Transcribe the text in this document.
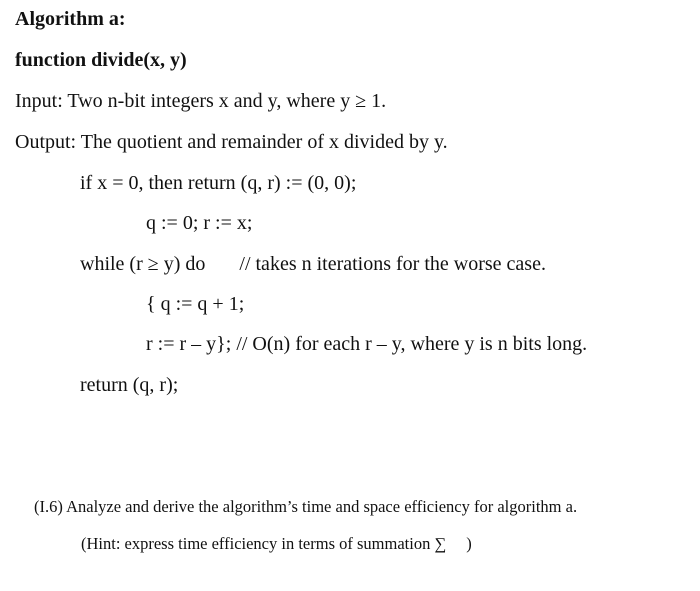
Algorithm a:
function divide(x, y)
Input: Two n-bit integers x and y, where y ≥ 1.
Output: The quotient and remainder of x divided by y.
if x = 0, then return (q, r) := (0, 0);
q := 0; r := x;
while (r ≥ y) do // takes n iterations for the worse case.
{ q := q + 1;
r := r – y}; // O(n) for each r – y, where y is n bits long.
return (q, r);
(I.6) Analyze and derive the algorithm’s time and space efficiency for algorithm a.
(Hint: express time efficiency in terms of summation ∑ )
